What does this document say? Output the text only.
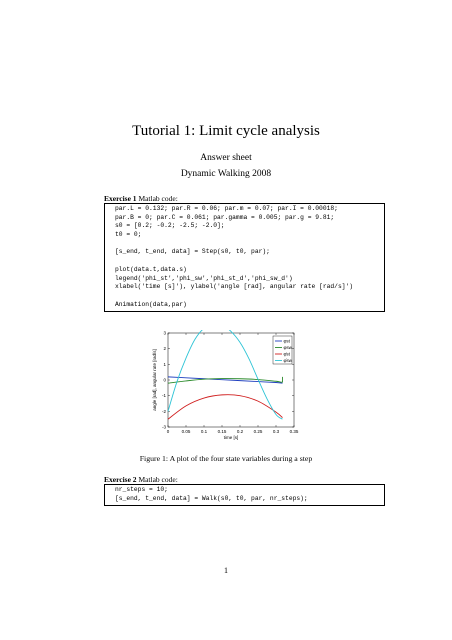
Tutorial 1: Limit cycle analysis
Answer sheet
Dynamic Walking 2008
Exercise 1 Matlab code:
par.L = 0.132; par.R = 0.06; par.m = 0.07; par.I = 0.00018;
par.B = 0; par.C = 0.061; par.gamma = 0.005; par.g = 9.81;
s0 = [0.2; -0.2; -2.5; -2.0];
t0 = 0;
[s_end, t_end, data] = Step(s0, t0, par);
plot(data.t,data.s)
legend('phi_st','phi_sw','phi_st_d','phi_sw_d')
xlabel('time [s]'), ylabel('angle [rad], angular rate [rad/s]')
Animation(data,par)
0	0.05 0.1 0.15 0.2 0.25 0.3 0.35
-3
-2
-1
0
1
2
3
time [s]
angle [rad], angular rate [rad/s]
φst
φsw
φ̇st
φ̇sw
Figure 1: A plot of the four state variables during a step
Exercise 2 Matlab code:
nr_steps = 10;
[s_end, t_end, data] = Walk(s0, t0, par, nr_steps);
1
